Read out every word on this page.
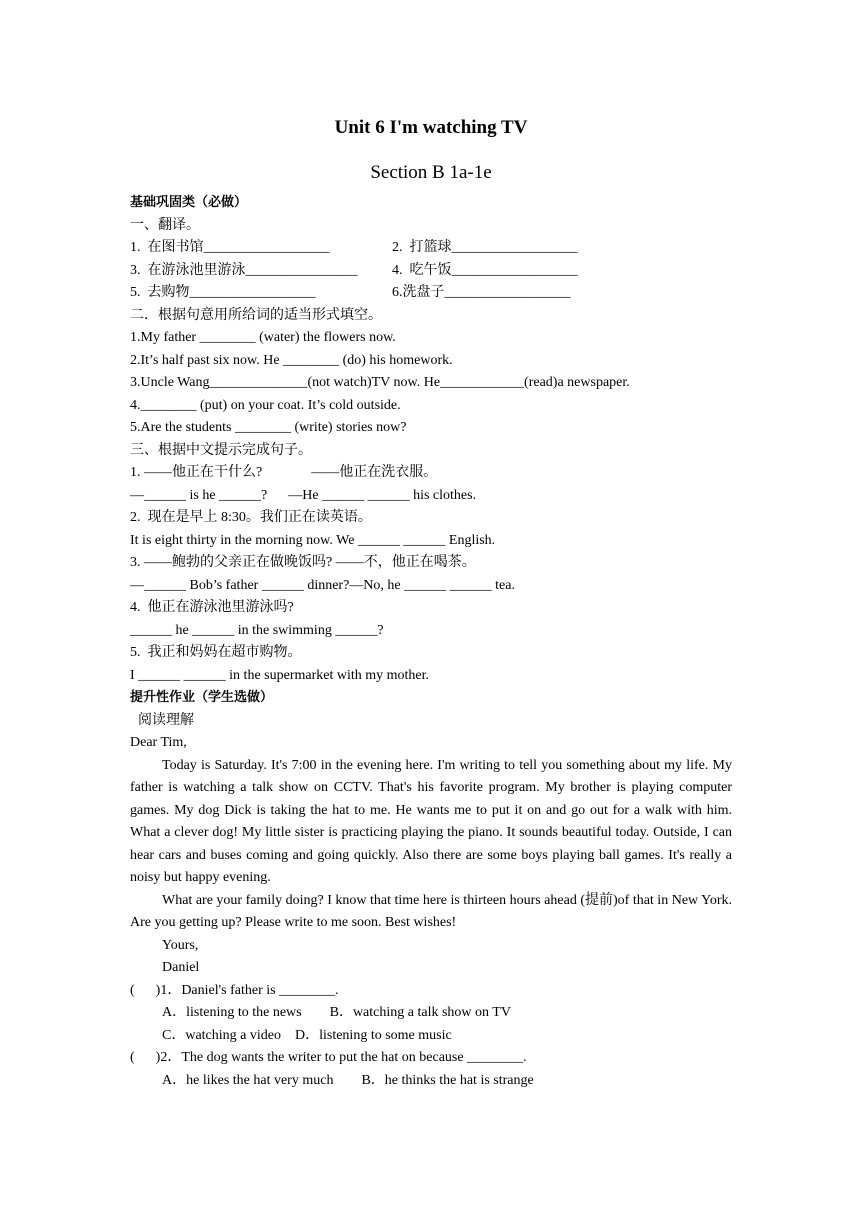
Unit 6 I'm watching TV
Section B 1a-1e
基础巩固类（必做）
一、翻译。
1.  在图书馆__________________	2.  打篮球__________________
3.  在游泳池里游泳________________	4.  吃午饭__________________
5.  去购物__________________	6.洗盘子__________________
二．根据句意用所给词的适当形式填空。
1.My father ________ (water) the flowers now.
2.It’s half past six now. He ________ (do) his homework.
3.Uncle Wang______________(not watch)TV now. He____________(read)a newspaper.
4.________ (put) on your coat. It’s cold outside.
5.Are the students ________ (write) stories now?
三、根据中文提示完成句子。
1. ——他正在干什么?              ——他正在洗衣服。
—______ is he ______?      —He ______ ______ his clothes.
2.  现在是早上 8:30。我们正在读英语。
It is eight thirty in the morning now. We ______ ______ English.
3. ——鲍勃的父亲正在做晚饭吗? ——不，他正在喝茶。
—______ Bob’s father ______ dinner?—No, he ______ ______ tea.
4.  他正在游泳池里游泳吗?
______ he ______ in the swimming ______?
5.  我正和妈妈在超市购物。
I ______ ______ in the supermarket with my mother.
提升性作业（学生选做）
阅读理解
Dear Tim,

Today is Saturday. It's 7:00 in the evening here. I'm writing to tell you something about my life. My father is watching a talk show on CCTV. That's his favorite program. My brother is playing computer games. My dog Dick is taking the hat to me. He wants me to put it on and go out for a walk with him. What a clever dog! My little sister is practicing playing the piano. It sounds beautiful today. Outside, I can hear cars and buses coming and going quickly. Also there are some boys playing ball games. It's really a noisy but happy evening.

What are your family doing? I know that time here is thirteen hours ahead (提前)of that in New York. Are you getting up? Please write to me soon. Best wishes!

Yours,
Daniel
(      )1．Daniel's father is ________.
A．listening to the news B．watching a talk show on TV
C．watching a video D．listening to some music
(      )2．The dog wants the writer to put the hat on because ________.
A．he likes the hat very much B．he thinks the hat is strange
